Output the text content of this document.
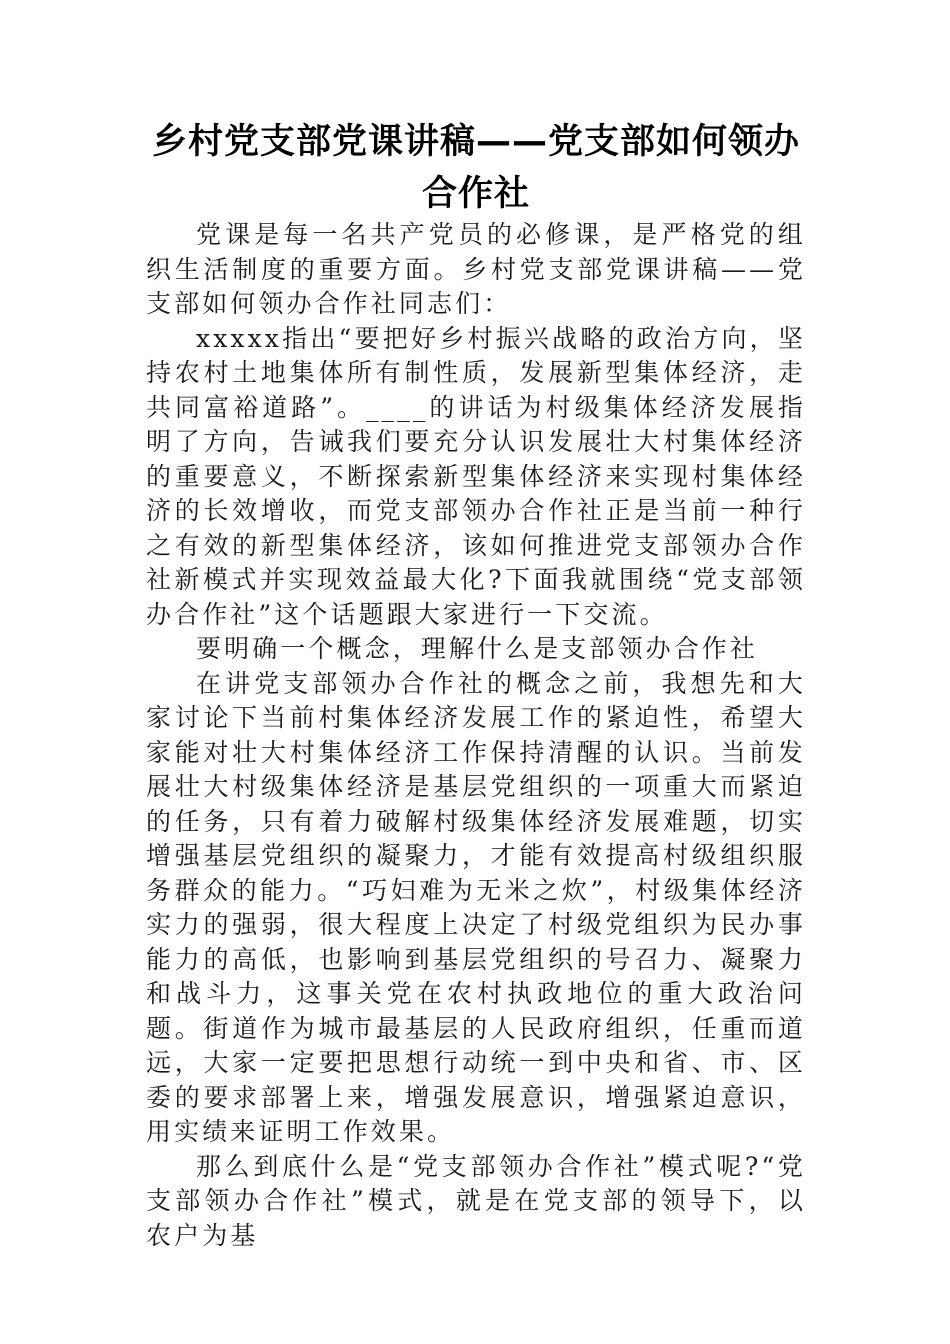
乡村党支部党课讲稿——党支部如何领办合作社

党课是每一名共产党员的必修课，是严格党的组织生活制度的重要方面。乡村党支部党课讲稿——党支部如何领办合作社同志们：

xxxxx指出“要把好乡村振兴战略的政治方向，坚持农村土地集体所有制性质，发展新型集体经济，走共同富裕道路”。____的讲话为村级集体经济发展指明了方向，告诫我们要充分认识发展壮大村集体经济的重要意义，不断探索新型集体经济来实现村集体经济的长效增收，而党支部领办合作社正是当前一种行之有效的新型集体经济，该如何推进党支部领办合作社新模式并实现效益最大化?下面我就围绕“党支部领办合作社”这个话题跟大家进行一下交流。

要明确一个概念，理解什么是支部领办合作社

在讲党支部领办合作社的概念之前，我想先和大家讨论下当前村集体经济发展工作的紧迫性，希望大家能对壮大村集体经济工作保持清醒的认识。当前发展壮大村级集体经济是基层党组织的一项重大而紧迫的任务，只有着力破解村级集体经济发展难题，切实增强基层党组织的凝聚力，才能有效提高村级组织服务群众的能力。“巧妇难为无米之炊”，村级集体经济实力的强弱，很大程度上决定了村级党组织为民办事能力的高低，也影响到基层党组织的号召力、凝聚力和战斗力，这事关党在农村执政地位的重大政治问题。街道作为城市最基层的人民政府组织，任重而道远，大家一定要把思想行动统一到中央和省、市、区委的要求部署上来，增强发展意识，增强紧迫意识，用实绩来证明工作效果。

那么到底什么是“党支部领办合作社”模式呢?“党支部领办合作社”模式，就是在党支部的领导下，以农户为基
